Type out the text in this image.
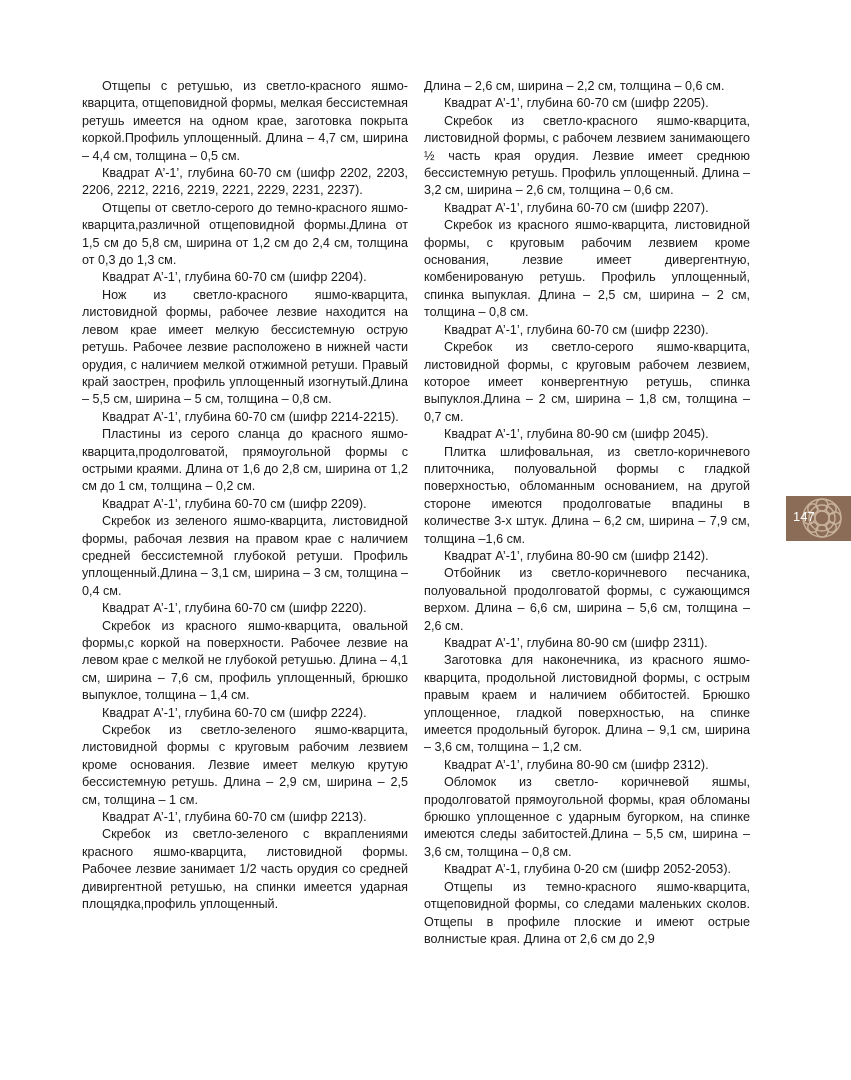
Отщепы с ретушью, из светло-красного яшмо-кварцита, отщеповидной формы, мелкая бессистемная ретушь имеется на одном крае, заготовка покрыта коркой.Профиль уплощенный. Длина – 4,7 см, ширина – 4,4 см, толщина – 0,5 см.

Квадрат А’-1’, глубина 60-70 см (шифр 2202, 2203, 2206, 2212, 2216, 2219, 2221, 2229, 2231, 2237).

Отщепы от светло-серого до темно-красного яшмо-кварцита,различной отщеповидной формы.Длина от 1,5 см до 5,8 см, ширина от 1,2 см до 2,4 см, толщина от 0,3 до 1,3 см.

Квадрат А’-1’, глубина 60-70 см (шифр 2204).

Нож из светло-красного яшмо-кварцита, листовидной формы, рабочее лезвие находится на левом крае имеет мелкую бессистемную острую ретушь. Рабочее лезвие расположено в нижней части орудия, с наличием мелкой отжимной ретуши. Правый край заострен, профиль уплощенный изогнутый.Длина – 5,5 см, ширина – 5 см, толщина – 0,8 см.

Квадрат А’-1’, глубина 60-70 см (шифр 2214-2215).

Пластины из серого сланца до красного яшмо-кварцита,продолговатой, прямоугольной формы с острыми краями. Длина от 1,6 до 2,8 см, ширина от 1,2 см до 1 см, толщина – 0,2 см.

Квадрат А’-1’, глубина 60-70 см (шифр 2209).

Скребок из зеленого яшмо-кварцита, листовидной формы, рабочая лезвия на правом крае с наличием средней бессистемной глубокой ретуши. Профиль уплощенный.Длина – 3,1 см, ширина – 3 см, толщина – 0,4 см.

Квадрат А’-1’, глубина 60-70 см (шифр 2220).

Скребок из красного яшмо-кварцита, овальной формы,с коркой на поверхности. Рабочее лезвие на левом крае с мелкой не глубокой ретушью. Длина – 4,1 см, ширина – 7,6 см, профиль уплощенный, брюшко выпуклое, толщина – 1,4 см.

Квадрат А’-1’, глубина 60-70 см (шифр 2224).

Скребок из светло-зеленого яшмо-кварцита, листовидной формы с круговым рабочим лезвием кроме основания. Лезвие имеет мелкую крутую бессистемную ретушь. Длина – 2,9 см, ширина – 2,5 см, толщина – 1 см.

Квадрат А’-1’, глубина 60-70 см (шифр 2213).

Скребок из светло-зеленого с вкраплениями красного яшмо-кварцита, листовидной формы. Рабочее лезвие занимает 1/2 часть орудия со средней дивиргентной ретушью, на спинки имеется ударная площядка,профиль уплощенный.

Длина – 2,6 см, ширина – 2,2 см, толщина – 0,6 см.

Квадрат А’-1’, глубина 60-70 см (шифр 2205).

Скребок из светло-красного яшмо-кварцита, листовидной формы, с рабочем лезвием занимающего ½ часть края орудия. Лезвие имеет среднюю бессистемную ретушь. Профиль уплощенный. Длина – 3,2 см, ширина – 2,6 см, толщина – 0,6 см.

Квадрат А’-1’, глубина 60-70 см (шифр 2207).

Скребок из красного яшмо-кварцита, листовидной формы, с круговым рабочим лезвием кроме основания, лезвие имеет дивергентную, комбенированую ретушь. Профиль уплощенный, спинка выпуклая. Длина – 2,5 см, ширина – 2 см, толщина – 0,8 см.

Квадрат А’-1’, глубина 60-70 см (шифр 2230).

Скребок из светло-серого яшмо-кварцита, листовидной формы, с круговым рабочем лезвием, которое имеет конвергентную ретушь, спинка выпуклоя.Длина – 2 см, ширина – 1,8 см, толщина – 0,7 см.

Квадрат А’-1’, глубина 80-90 см (шифр 2045).

Плитка шлифовальная, из светло-коричневого плиточника, полуовальной формы с гладкой поверхностью, обломанным основанием, на другой стороне имеются продолговатые впадины в количестве 3-х штук. Длина – 6,2 см, ширина – 7,9 см, толщина –1,6 см.

Квадрат А’-1’, глубина 80-90 см (шифр 2142).

Отбойник из светло-коричневого песчаника, полуовальной продолговатой формы, с сужающимся верхом. Длина – 6,6 см, ширина – 5,6 см, толщина – 2,6 см.

Квадрат А’-1’, глубина 80-90 см (шифр 2311).

Заготовка для наконечника, из красного яшмо-кварцита, продольной листовидной формы, с острым правым краем и наличием оббитостей. Брюшко уплощенное, гладкой поверхностью, на спинке имеется продольный бугорок. Длина – 9,1 см, ширина – 3,6 см, толщина – 1,2 см.

Квадрат А’-1’, глубина 80-90 см (шифр 2312).

Обломок из светло- коричневой яшмы, продолговатой прямоугольной формы, края обломаны брюшко уплощенное с ударным бугорком, на спинке имеются следы забитостей.Длина – 5,5 см, ширина – 3,6 см, толщина – 0,8 см.

Квадрат А’-1, глубина 0-20 см (шифр 2052-2053).

Отщепы из темно-красного яшмо-кварцита, отщеповидной формы, со следами маленьких сколов. Отщепы в профиле плоские и имеют острые волнистые края. Длина от 2,6 см до 2,9

147
